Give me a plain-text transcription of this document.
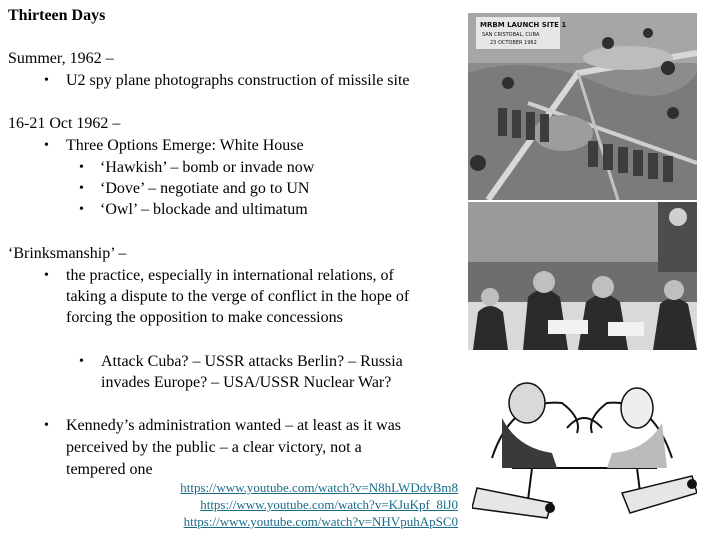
Thirteen Days
Summer, 1962 –
• U2 spy plane photographs construction of missile site
16-21 Oct 1962 –
• Three Options Emerge: White House
• ‘Hawkish’ – bomb or invade now
• ‘Dove’ – negotiate and go to UN
• ‘Owl’ – blockade and ultimatum
‘Brinksmanship’ –
• the practice, especially in international relations, of
taking a dispute to the verge of conflict in the hope of
forcing the opposition to make concessions
• Attack Cuba? – USSR attacks Berlin? – Russia
invades Europe? – USA/USSR Nuclear War?
• Kennedy’s administration wanted – at least as it was
perceived by the public – a clear victory, not a
tempered one
https://www.youtube.com/watch?v=N8hLWDdvBm8
https://www.youtube.com/watch?v=KJuKpf_8lJ0
https://www.youtube.com/watch?v=NHVpuhApSC0
MRBM LAUNCH SITE 1
SAN CRISTOBAL, CUBA
23 OCTOBER 1962
